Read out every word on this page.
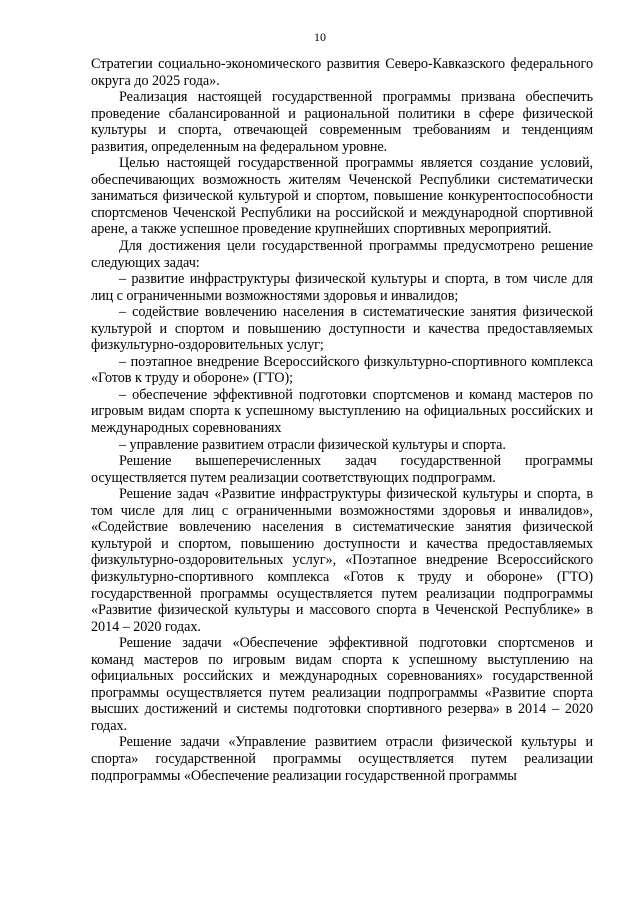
10

Стратегии социально-экономического развития Северо-Кавказского федерального округа до 2025 года».

Реализация настоящей государственной программы призвана обеспечить проведение сбалансированной и рациональной политики в сфере физической культуры и спорта, отвечающей современным требованиям и тенденциям развития, определенным на федеральном уровне.

Целью настоящей государственной программы является создание условий, обеспечивающих возможность жителям Чеченской Республики систематически заниматься физической культурой и спортом, повышение конкурентоспособности спортсменов Чеченской Республики на российской и международной спортивной арене, а также успешное проведение крупнейших спортивных мероприятий.

Для достижения цели государственной программы предусмотрено решение следующих задач:

– развитие инфраструктуры физической культуры и спорта, в том числе для лиц с ограниченными возможностями здоровья и инвалидов;

– содействие вовлечению населения в систематические занятия физической культурой и спортом и повышению доступности и качества предоставляемых физкультурно-оздоровительных услуг;

– поэтапное внедрение Всероссийского физкультурно-спортивного комплекса «Готов к труду и обороне» (ГТО);

– обеспечение эффективной подготовки спортсменов и команд мастеров по игровым видам спорта к успешному выступлению на официальных российских и международных соревнованиях

– управление развитием отрасли физической культуры и спорта.

Решение вышеперечисленных задач государственной программы осуществляется путем реализации соответствующих подпрограмм.

Решение задач «Развитие инфраструктуры физической культуры и спорта, в том числе для лиц с ограниченными возможностями здоровья и инвалидов», «Содействие вовлечению населения в систематические занятия физической культурой и спортом, повышению доступности и качества предоставляемых физкультурно-оздоровительных услуг», «Поэтапное внедрение Всероссийского физкультурно-спортивного комплекса «Готов к труду и обороне» (ГТО) государственной программы осуществляется путем реализации подпрограммы «Развитие физической культуры и массового спорта в Чеченской Республике» в 2014 – 2020 годах.

Решение задачи «Обеспечение эффективной подготовки спортсменов и команд мастеров по игровым видам спорта к успешному выступлению на официальных российских и международных соревнованиях» государственной программы осуществляется путем реализации подпрограммы «Развитие спорта высших достижений и системы подготовки спортивного резерва» в 2014 – 2020 годах.

Решение задачи «Управление развитием отрасли физической культуры и спорта» государственной программы осуществляется путем реализации подпрограммы «Обеспечение реализации государственной программы
